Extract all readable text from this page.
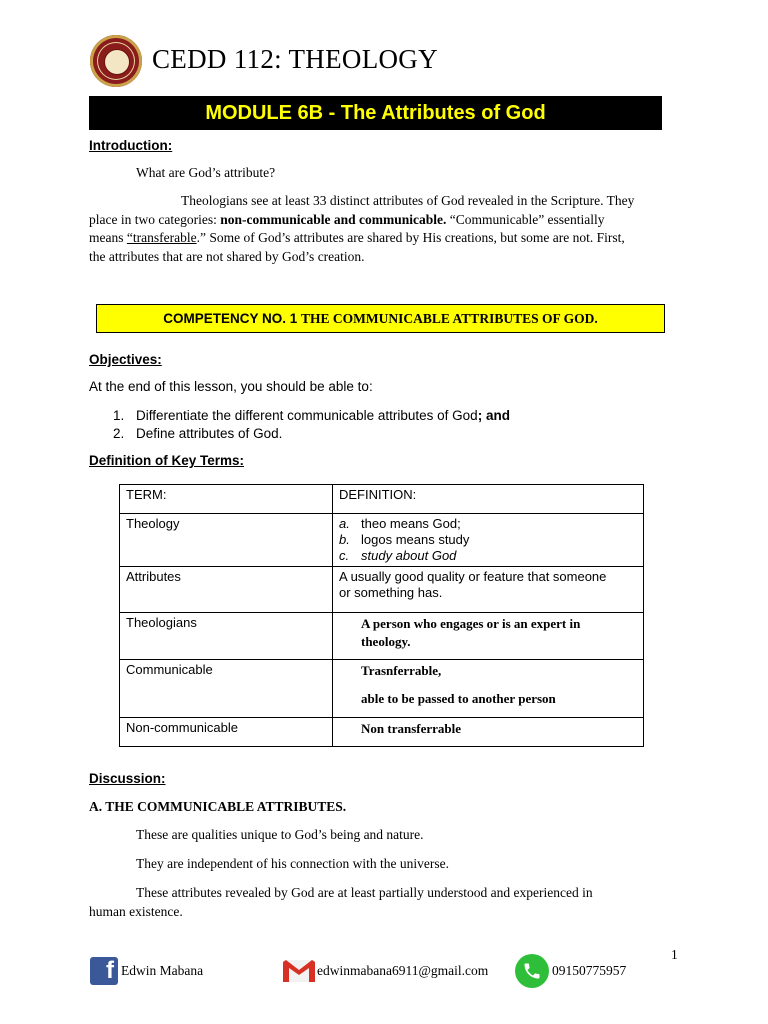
CEDD 112: THEOLOGY
MODULE 6B - The Attributes of God
Introduction:
What are God’s attribute?
Theologians see at least 33 distinct attributes of God revealed in the Scripture. They
place in two categories: non-communicable and communicable. “Communicable” essentially
means “transferable.” Some of God’s attributes are shared by His creations, but some are not. First,
the attributes that are not shared by God’s creation.
COMPETENCY NO. 1 THE COMMUNICABLE ATTRIBUTES OF GOD.
Objectives:
At the end of this lesson, you should be able to:
1. Differentiate the different communicable attributes of God; and
2. Define attributes of God.
Definition of Key Terms:
TERM:	DEFINITION:
Theology	a. theo means God;
b. logos means study
c. study about God

Attributes	A usually good quality or feature that someone
or something has.

Theologians	A person who engages or is an expert in
theology.

Communicable	Trasnferrable,
able to be passed to another person

Non-communicable	Non transferrable
Discussion:
A. THE COMMUNICABLE ATTRIBUTES.
These are qualities unique to God’s being and nature.
They are independent of his connection with the universe.
These attributes revealed by God are at least partially understood and experienced in
human existence.
1
f Edwin Mabana	edwinmabana6911@gmail.com	09150775957
